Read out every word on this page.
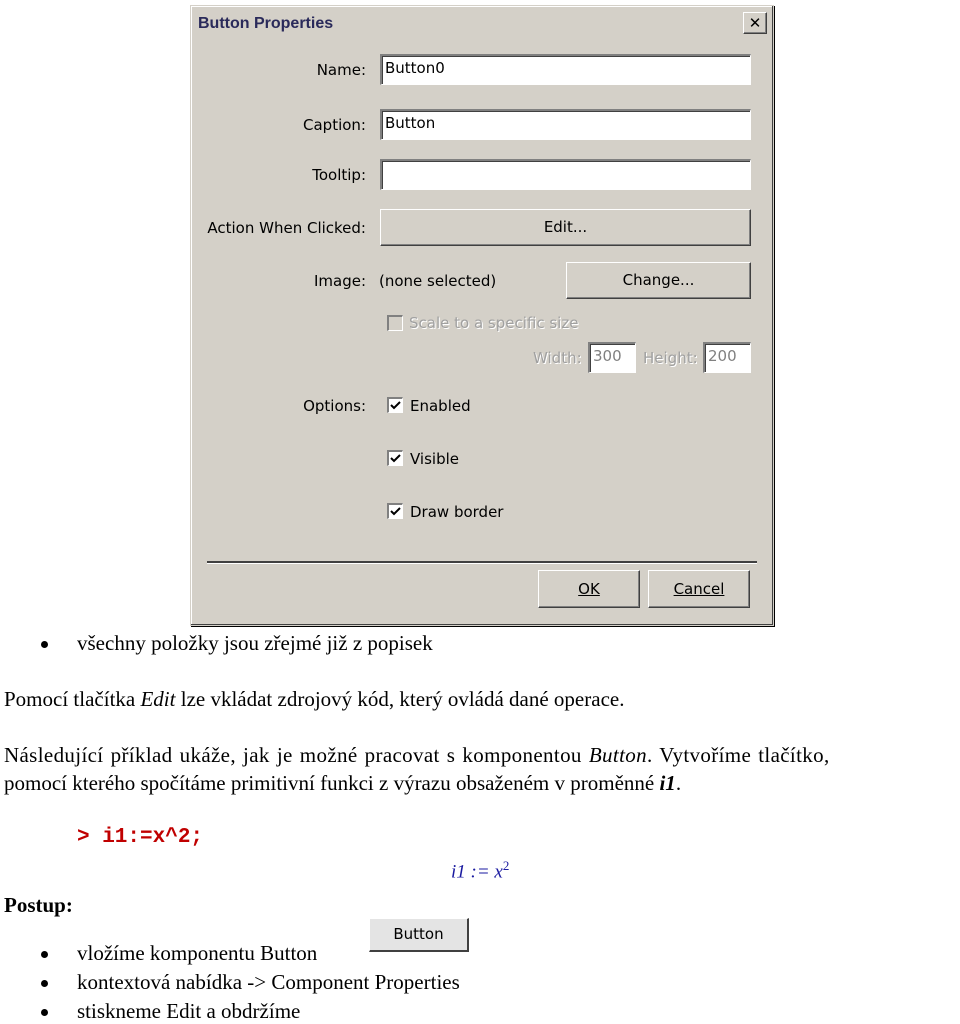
Button Properties	✕
Name:	Button0
Caption:	Button
Tooltip:
Action When Clicked:	Edit...
Image: (none selected)	Change...
Scale to a specific size
Width: 300	Height: 200
Options:	Enabled
Visible
Draw border
OK	Cancel
všechny položky jsou zřejmé již z popisek
Pomocí tlačítka Edit lze vkládat zdrojový kód, který ovládá dané operace.
Následující příklad ukáže, jak je možné pracovat s komponentou Button. Vytvoříme tlačítko,
pomocí kterého spočítáme primitivní funkci z výrazu obsaženém v proměnné i1.
> i1:=x^2;
i1 := $x^2$
Postup:
Button
vložíme komponentu Button
kontextová nabídka -> Component Properties
stiskneme Edit a obdržíme
